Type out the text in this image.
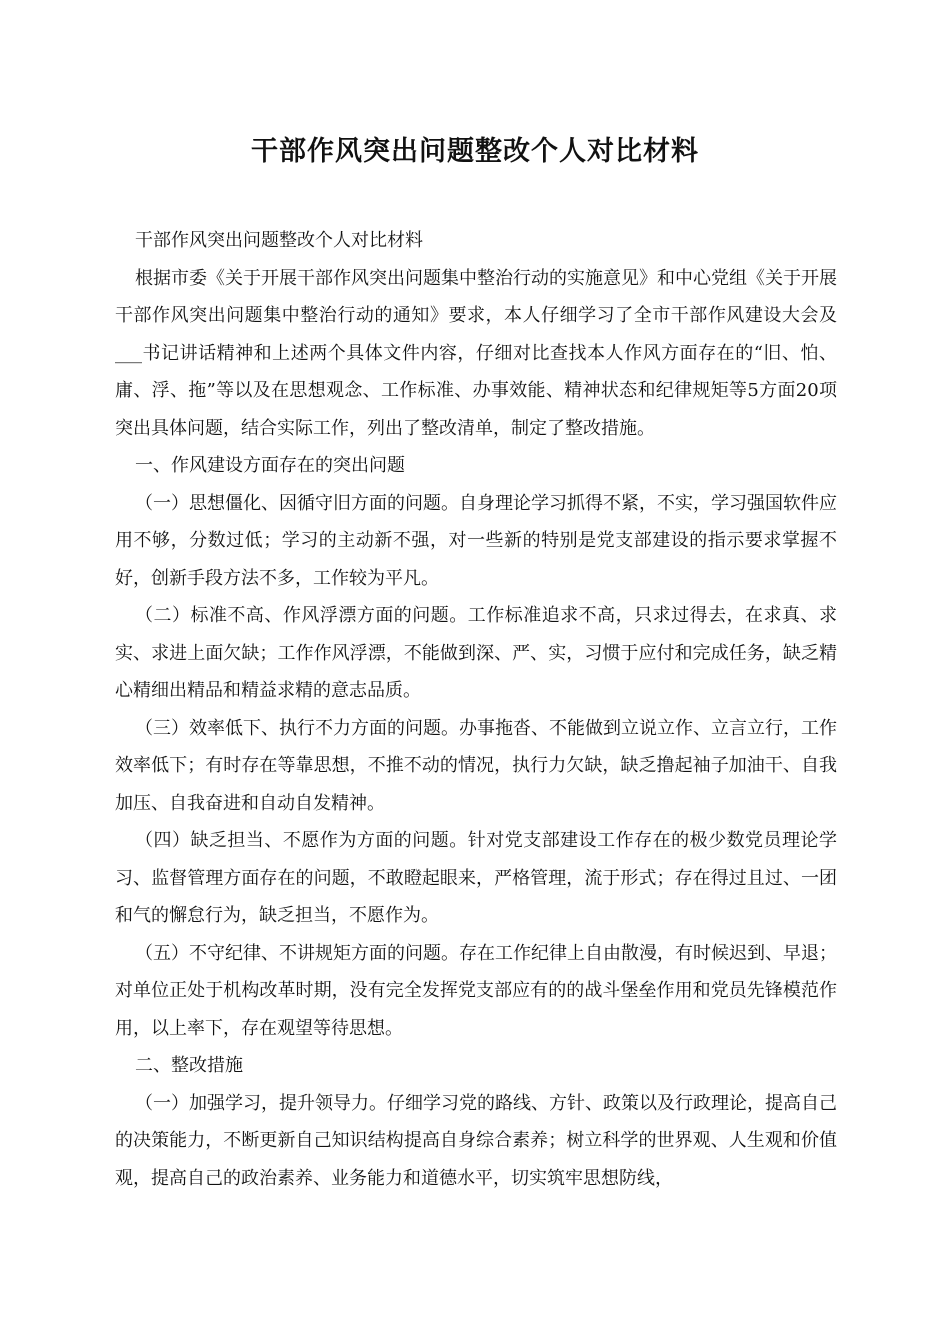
干部作风突出问题整改个人对比材料

干部作风突出问题整改个人对比材料

根据市委《关于开展干部作风突出问题集中整治行动的实施意见》和中心党组《关于开展干部作风突出问题集中整治行动的通知》要求，本人仔细学习了全市干部作风建设大会及___书记讲话精神和上述两个具体文件内容，仔细对比查找本人作风方面存在的“旧、怕、庸、浮、拖”等以及在思想观念、工作标准、办事效能、精神状态和纪律规矩等5方面20项突出具体问题，结合实际工作，列出了整改清单，制定了整改措施。

一、作风建设方面存在的突出问题

（一）思想僵化、因循守旧方面的问题。自身理论学习抓得不紧，不实，学习强国软件应用不够，分数过低；学习的主动新不强，对一些新的特别是党支部建设的指示要求掌握不好，创新手段方法不多，工作较为平凡。

（二）标准不高、作风浮漂方面的问题。工作标准追求不高，只求过得去，在求真、求实、求进上面欠缺；工作作风浮漂，不能做到深、严、实，习惯于应付和完成任务，缺乏精心精细出精品和精益求精的意志品质。

（三）效率低下、执行不力方面的问题。办事拖沓、不能做到立说立作、立言立行，工作效率低下；有时存在等靠思想，不推不动的情况，执行力欠缺，缺乏撸起袖子加油干、自我加压、自我奋进和自动自发精神。

（四）缺乏担当、不愿作为方面的问题。针对党支部建设工作存在的极少数党员理论学习、监督管理方面存在的问题，不敢瞪起眼来，严格管理，流于形式；存在得过且过、一团和气的懈怠行为，缺乏担当，不愿作为。

（五）不守纪律、不讲规矩方面的问题。存在工作纪律上自由散漫，有时候迟到、早退；对单位正处于机构改革时期，没有完全发挥党支部应有的的战斗堡垒作用和党员先锋模范作用，以上率下，存在观望等待思想。

二、整改措施

（一）加强学习，提升领导力。仔细学习党的路线、方针、政策以及行政理论，提高自己的决策能力，不断更新自己知识结构提高自身综合素养；树立科学的世界观、人生观和价值观，提高自己的政治素养、业务能力和道德水平，切实筑牢思想防线，
